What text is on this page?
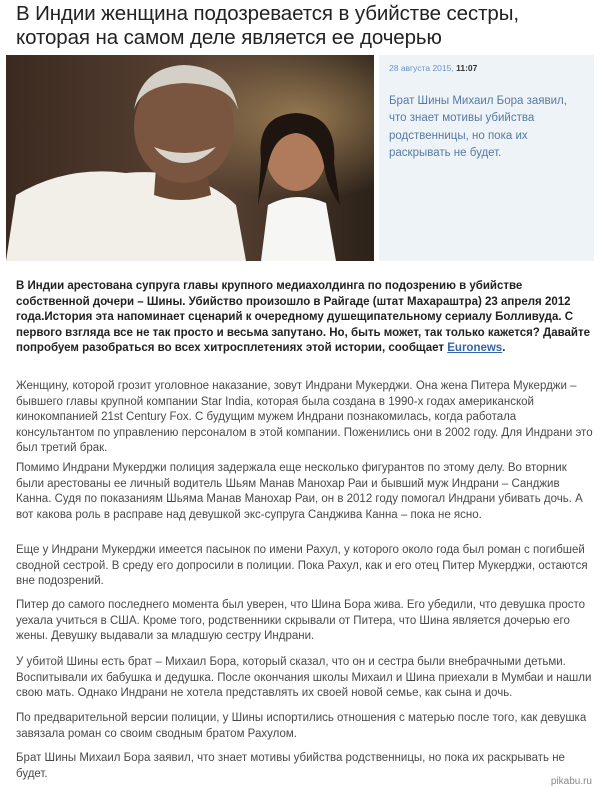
В Индии женщина подозревается в убийстве сестры, которая на самом деле является ее дочерью
28 августа 2015, 11:07

Брат Шины Михаил Бора заявил, что знает мотивы убийства родственницы, но пока их раскрывать не будет.

В Индии арестована супруга главы крупного медиахолдинга по подозрению в убийстве собственной дочери – Шины. Убийство произошло в Райгаде (штат Махараштра) 23 апреля 2012 года.История эта напоминает сценарий к очередному душещипательному сериалу Болливуда. С первого взгляда все не так просто и весьма запутано. Но, быть может, так только кажется? Давайте попробуем разобраться во всех хитросплетениях этой истории, сообщает Euronews.

Женщину, которой грозит уголовное наказание, зовут Индрани Мукерджи. Она жена Питера Мукерджи – бывшего главы крупной компании Star India, которая была создана в 1990-х годах американской кинокомпанией 21st Century Fox. С будущим мужем Индрани познакомилась, когда работала консультантом по управлению персоналом в этой компании. Поженились они в 2002 году. Для Индрани это был третий брак.

Помимо Индрани Мукерджи полиция задержала еще несколько фигурантов по этому делу. Во вторник были арестованы ее личный водитель Шьям Манав Манохар Раи и бывший муж Индрани – Санджив Канна. Судя по показаниям Шьяма Манав Манохар Раи, он в 2012 году помогал Индрани убивать дочь. А вот какова роль в расправе над девушкой экс-супруга Санджива Канна – пока не ясно.

Еще у Индрани Мукерджи имеется пасынок по имени Рахул, у которого около года был роман с погибшей сводной сестрой. В среду его допросили в полиции. Пока Рахул, как и его отец Питер Мукерджи, остаются вне подозрений.

Питер до самого последнего момента был уверен, что Шина Бора жива. Его убедили, что девушка просто уехала учиться в США. Кроме того, родственники скрывали от Питера, что Шина является дочерью его жены. Девушку выдавали за младшую сестру Индрани.

У убитой Шины есть брат – Михаил Бора, который сказал, что он и сестра были внебрачными детьми. Воспитывали их бабушка и дедушка. После окончания школы Михаил и Шина приехали в Мумбаи и нашли свою мать. Однако Индрани не хотела представлять их своей новой семье, как сына и дочь.

По предварительной версии полиции, у Шины испортились отношения с матерью после того, как девушка завязала роман со своим сводным братом Рахулом.

Брат Шины Михаил Бора заявил, что знает мотивы убийства родственницы, но пока их раскрывать не будет.

pikabu.ru
